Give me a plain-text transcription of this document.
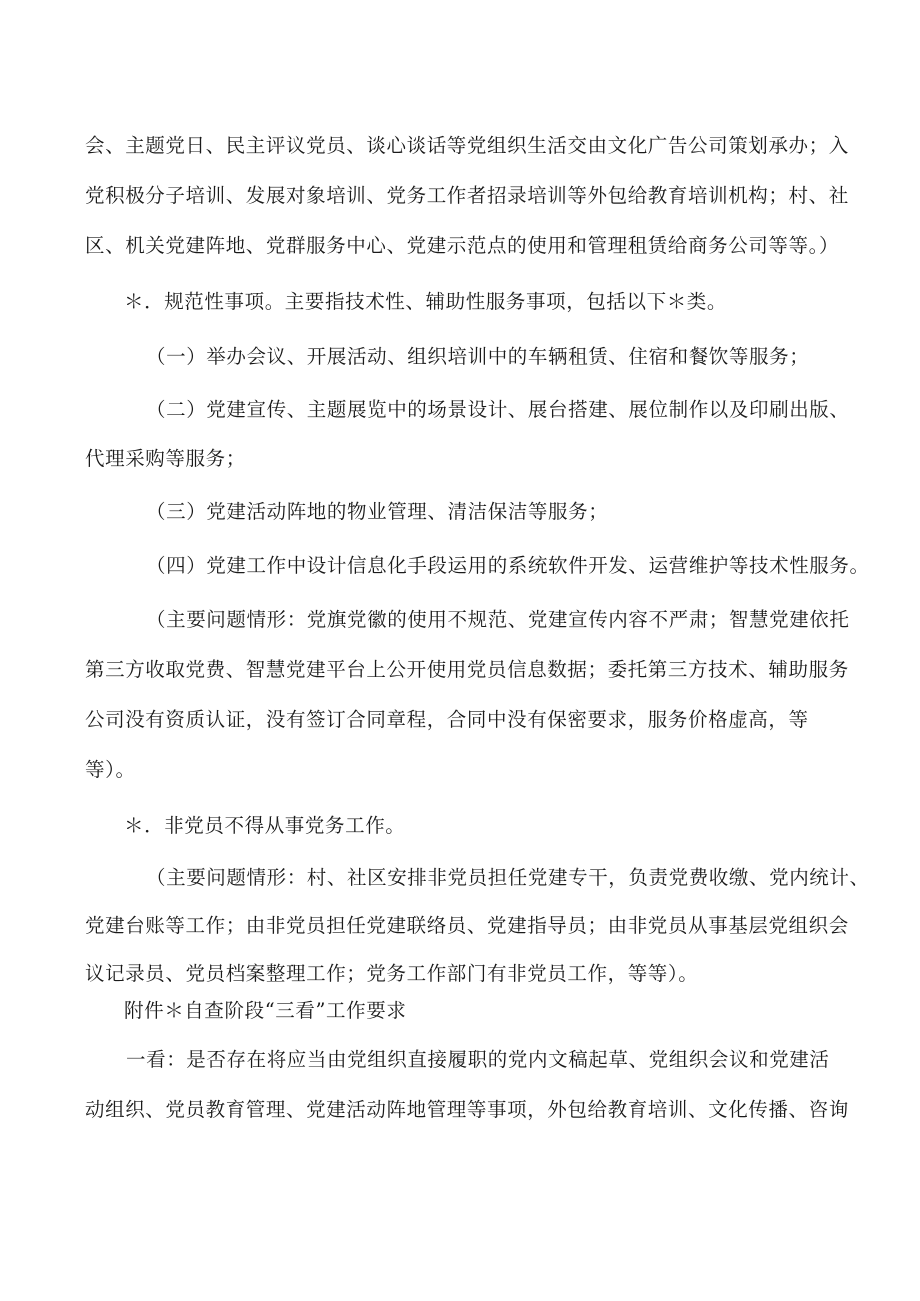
会、主题党日、民主评议党员、谈心谈话等党组织生活交由文化广告公司策划承办；入
党积极分子培训、发展对象培训、党务工作者招录培训等外包给教育培训机构；村、社
区、机关党建阵地、党群服务中心、党建示范点的使用和管理租赁给商务公司等等。）
＊．规范性事项。主要指技术性、辅助性服务事项，包括以下＊类。
（一）举办会议、开展活动、组织培训中的车辆租赁、住宿和餐饮等服务；
（二）党建宣传、主题展览中的场景设计、展台搭建、展位制作以及印刷出版、
代理采购等服务；
（三）党建活动阵地的物业管理、清洁保洁等服务；
（四）党建工作中设计信息化手段运用的系统软件开发、运营维护等技术性服务。
（主要问题情形：党旗党徽的使用不规范、党建宣传内容不严肃；智慧党建依托
第三方收取党费、智慧党建平台上公开使用党员信息数据；委托第三方技术、辅助服务
公司没有资质认证，没有签订合同章程，合同中没有保密要求，服务价格虚高，等
等）。
＊．非党员不得从事党务工作。
（主要问题情形：村、社区安排非党员担任党建专干，负责党费收缴、党内统计、
党建台账等工作；由非党员担任党建联络员、党建指导员；由非党员从事基层党组织会
议记录员、党员档案整理工作；党务工作部门有非党员工作，等等）。
附件＊自查阶段“三看”工作要求
一看：是否存在将应当由党组织直接履职的党内文稿起草、党组织会议和党建活
动组织、党员教育管理、党建活动阵地管理等事项，外包给教育培训、文化传播、咨询
